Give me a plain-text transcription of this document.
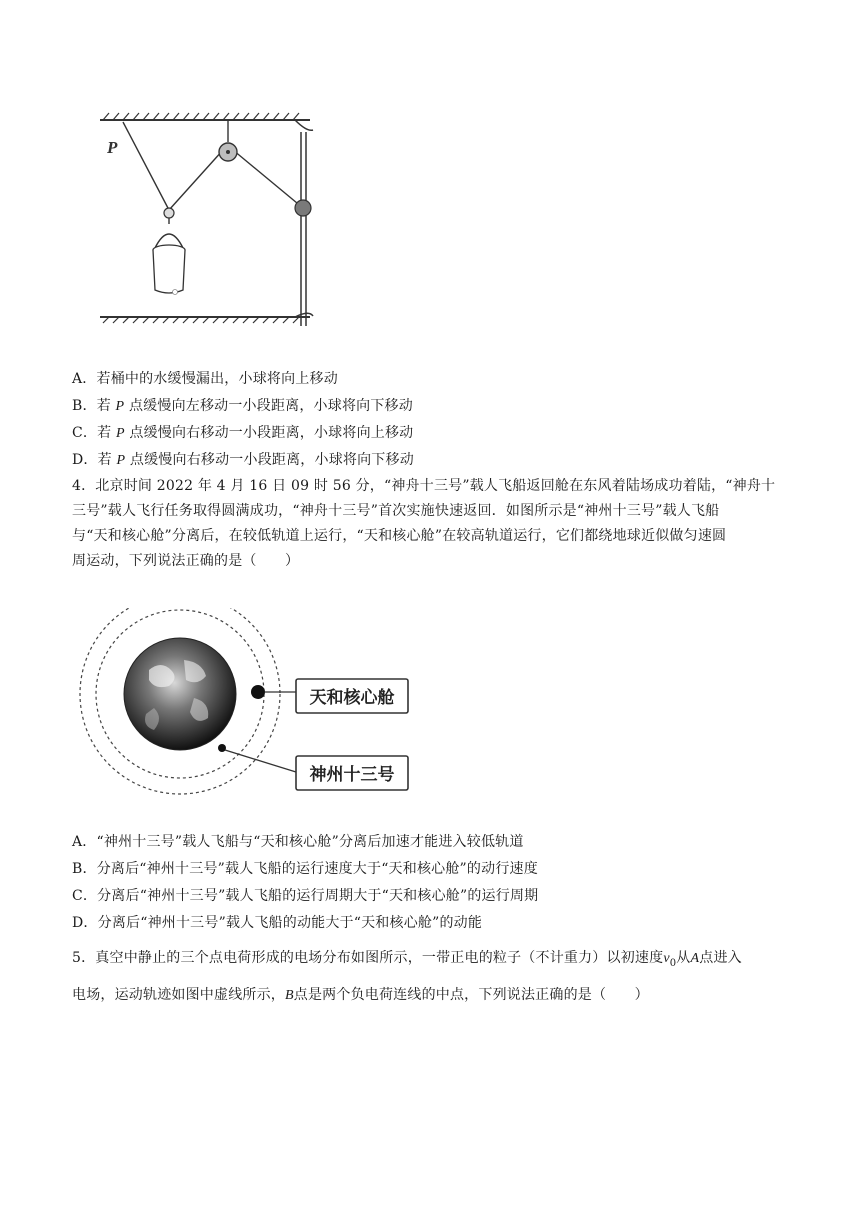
P
A．若桶中的水缓慢漏出，小球将向上移动
B．若 P 点缓慢向左移动一小段距离，小球将向下移动
C．若 P 点缓慢向右移动一小段距离，小球将向上移动
D．若 P 点缓慢向右移动一小段距离，小球将向下移动
4．北京时间 2022 年 4 月 16 日 09 时 56 分，“神舟十三号”载人飞船返回舱在东风着陆场成功着陆，“神舟十
三号”载人飞行任务取得圆满成功，“神舟十三号”首次实施快速返回．如图所示是“神州十三号”载人飞船
与“天和核心舱”分离后，在较低轨道上运行，“天和核心舱”在较高轨道运行，它们都绕地球近似做匀速圆
周运动，下列说法正确的是（　　）
天和核心舱
神州十三号
A．“神州十三号”载人飞船与“天和核心舱”分离后加速才能进入较低轨道
B．分离后“神州十三号”载人飞船的运行速度大于“天和核心舱”的动行速度
C．分离后“神州十三号”载人飞船的运行周期大于“天和核心舱”的运行周期
D．分离后“神州十三号”载人飞船的动能大于“天和核心舱”的动能
5．真空中静止的三个点电荷形成的电场分布如图所示，一带正电的粒子（不计重力）以初速度$v_0$从A点进入
电场，运动轨迹如图中虚线所示，B点是两个负电荷连线的中点，下列说法正确的是（　　）
